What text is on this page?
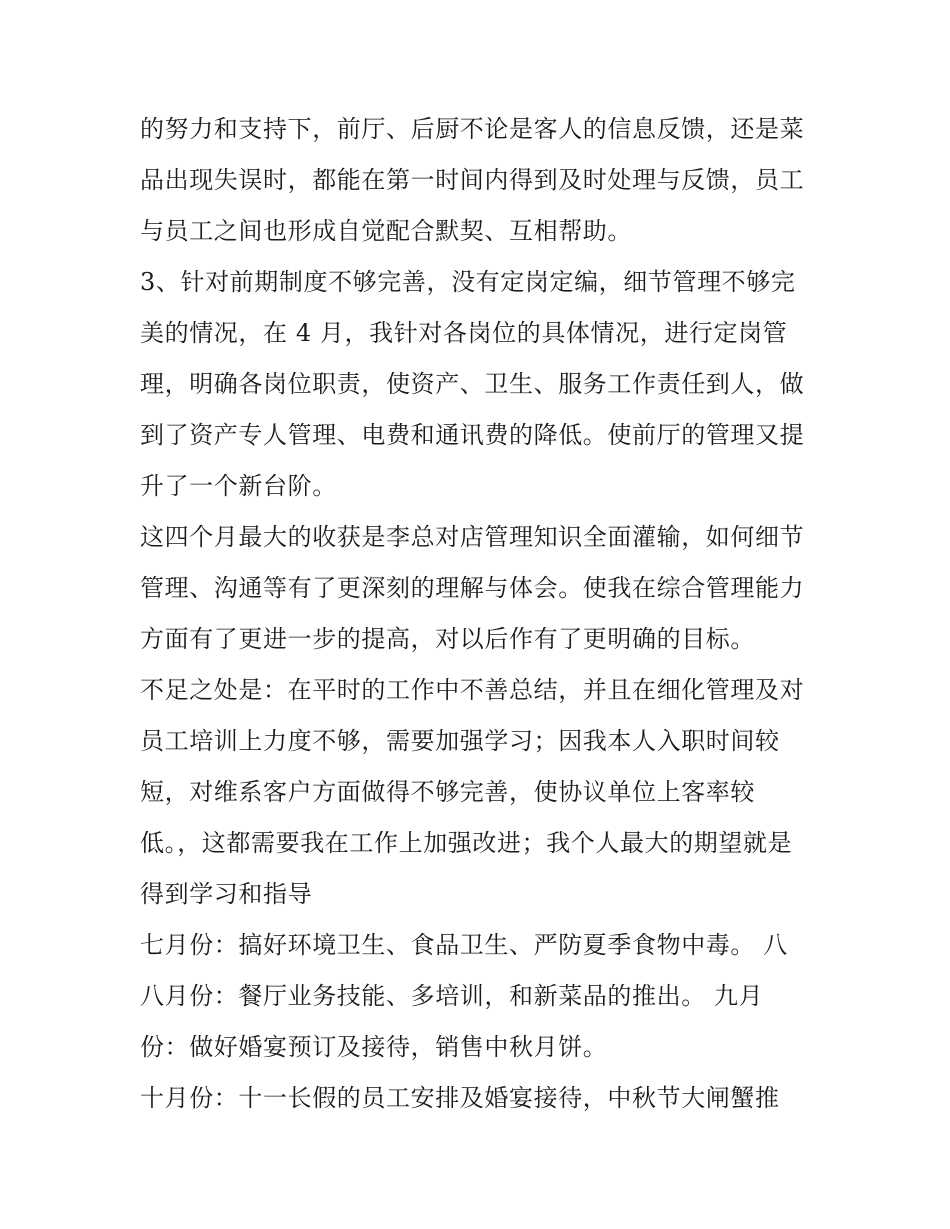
的努力和支持下，前厅、后厨不论是客人的信息反馈，还是菜
品出现失误时，都能在第一时间内得到及时处理与反馈，员工
与员工之间也形成自觉配合默契、互相帮助。
3、针对前期制度不够完善，没有定岗定编，细节管理不够完
美的情况，在 4 月，我针对各岗位的具体情况，进行定岗管
理，明确各岗位职责，使资产、卫生、服务工作责任到人，做
到了资产专人管理、电费和通讯费的降低。使前厅的管理又提
升了一个新台阶。
这四个月最大的收获是李总对店管理知识全面灌输，如何细节
管理、沟通等有了更深刻的理解与体会。使我在综合管理能力
方面有了更进一步的提高，对以后作有了更明确的目标。
不足之处是：在平时的工作中不善总结，并且在细化管理及对
员工培训上力度不够，需要加强学习；因我本人入职时间较
短，对维系客户方面做得不够完善，使协议单位上客率较
低。，这都需要我在工作上加强改进；我个人最大的期望就是
得到学习和指导
七月份：搞好环境卫生、食品卫生、严防夏季食物中毒。 八
八月份：餐厅业务技能、多培训，和新菜品的推出。 九月
份：做好婚宴预订及接待，销售中秋月饼。
十月份：十一长假的员工安排及婚宴接待，中秋节大闸蟹推
